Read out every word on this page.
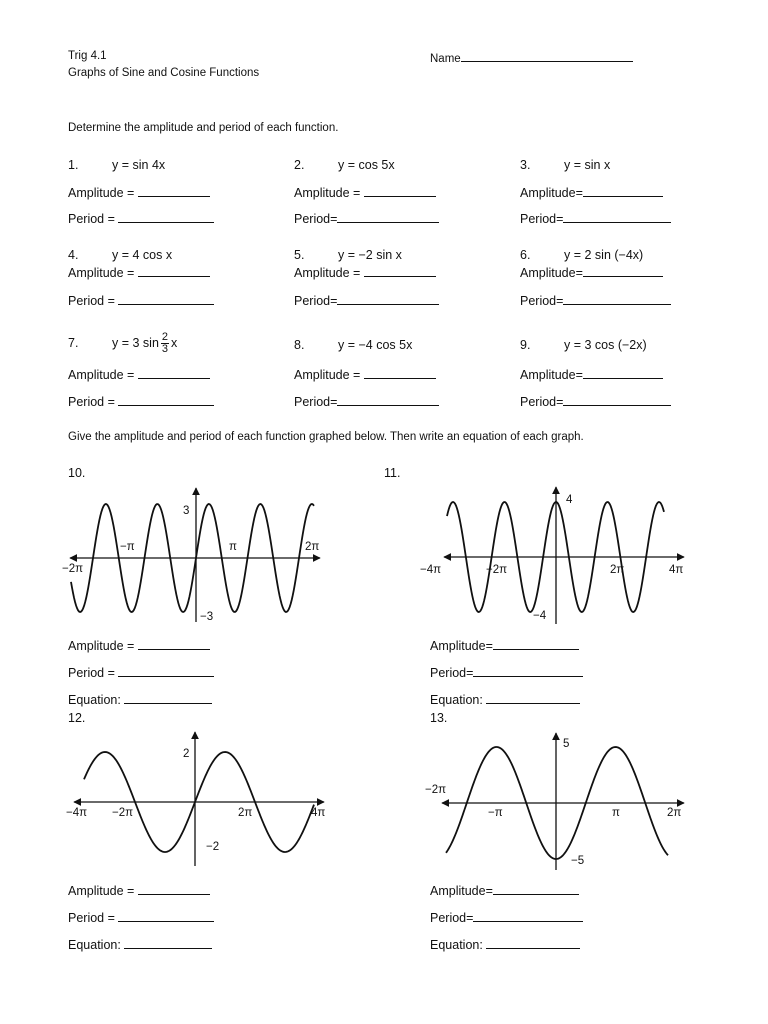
Trig 4.1
Graphs of Sine and Cosine Functions
Name
Determine the amplitude and period of each function.
1.	y = sin 4x	2.	y = cos 5x	3.	y = sin x
Amplitude =	Amplitude =	Amplitude=
Period =	Period=	Period=
4.	y = 4 cos x	5.	y = −2 sin x	6.	y = 2 sin (−4x)
Amplitude =	Amplitude =	Amplitude=
Period =	Period=	Period=
7.	y = 3 $\sin \frac{2}{3}$ x	8.	y = −4 cos 5x	9.	y = 3 cos (−2x)
Amplitude =	Amplitude =	Amplitude=
Period =	Period=	Period=
Give the amplitude and period of each function graphed below. Then write an equation of each graph.
10.	11.
12.	13.
−2π
−π	π	2π
3
−3
−4π	−2π	2π	4π
4
−4
−4π −2π	2π	4π
2
−2
−2π
−π	π	2π
5
−5
Amplitude =
Period =
Equation:
Amplitude=
Period=
Equation:
Amplitude =
Period =
Equation:
Amplitude=
Period=
Equation:
